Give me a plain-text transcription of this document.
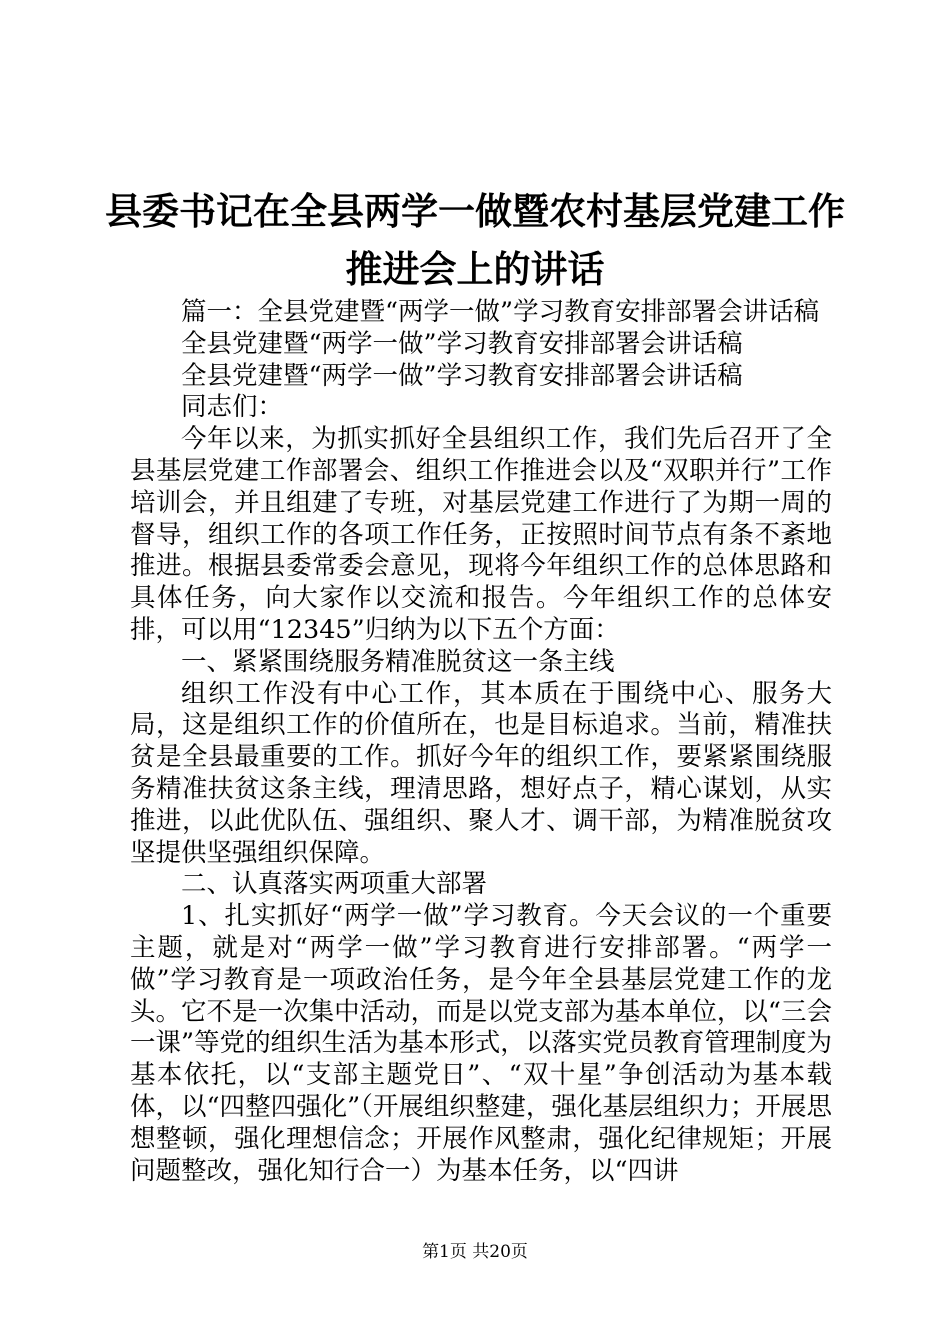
县委书记在全县两学一做暨农村基层党建工作
推进会上的讲话

篇一：全县党建暨“两学一做”学习教育安排部署会讲话稿

全县党建暨“两学一做”学习教育安排部署会讲话稿

全县党建暨“两学一做”学习教育安排部署会讲话稿

同志们：

今年以来，为抓实抓好全县组织工作，我们先后召开了全县基层党建工作部署会、组织工作推进会以及“双职并行”工作培训会，并且组建了专班，对基层党建工作进行了为期一周的督导，组织工作的各项工作任务，正按照时间节点有条不紊地推进。根据县委常委会意见，现将今年组织工作的总体思路和具体任务，向大家作以交流和报告。今年组织工作的总体安排，可以用“12345”归纳为以下五个方面：

一、紧紧围绕服务精准脱贫这一条主线

组织工作没有中心工作，其本质在于围绕中心、服务大局，这是组织工作的价值所在，也是目标追求。当前，精准扶贫是全县最重要的工作。抓好今年的组织工作，要紧紧围绕服务精准扶贫这条主线，理清思路，想好点子，精心谋划，从实推进，以此优队伍、强组织、聚人才、调干部，为精准脱贫攻坚提供坚强组织保障。

二、认真落实两项重大部署

1、扎实抓好“两学一做”学习教育。今天会议的一个重要主题，就是对“两学一做”学习教育进行安排部署。“两学一做”学习教育是一项政治任务，是今年全县基层党建工作的龙头。它不是一次集中活动，而是以党支部为基本单位，以“三会一课”等党的组织生活为基本形式，以落实党员教育管理制度为基本依托，以“支部主题党日”、“双十星”争创活动为基本载体，以“四整四强化”（开展组织整建，强化基层组织力；开展思想整顿，强化理想信念；开展作风整肃，强化纪律规矩；开展问题整改，强化知行合一）为基本任务，以“四讲

第1页 共20页
